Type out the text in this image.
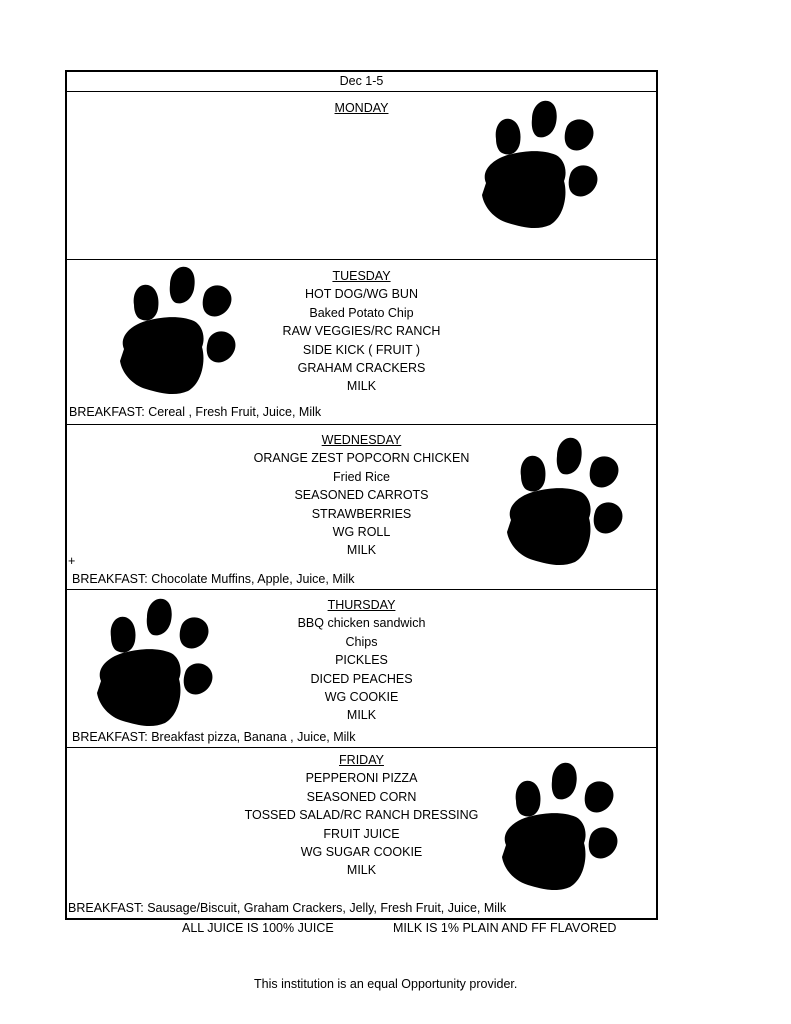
Dec 1-5
MONDAY
TUESDAY
HOT DOG/WG BUN
Baked Potato Chip
RAW VEGGIES/RC RANCH
SIDE KICK ( FRUIT )
GRAHAM CRACKERS
MILK
BREAKFAST: Cereal , Fresh Fruit, Juice, Milk
WEDNESDAY
ORANGE ZEST POPCORN CHICKEN
Fried Rice
SEASONED CARROTS
STRAWBERRIES
WG ROLL
MILK
+
BREAKFAST: Chocolate Muffins, Apple, Juice, Milk
THURSDAY
BBQ chicken sandwich
Chips
PICKLES
DICED PEACHES
WG COOKIE
MILK
BREAKFAST: Breakfast pizza, Banana , Juice, Milk
FRIDAY
PEPPERONI PIZZA
SEASONED CORN
TOSSED SALAD/RC RANCH DRESSING
FRUIT JUICE
WG SUGAR COOKIE
MILK
BREAKFAST: Sausage/Biscuit, Graham Crackers, Jelly, Fresh Fruit, Juice, Milk
ALL JUICE IS 100% JUICE	MILK IS 1% PLAIN AND FF FLAVORED
This institution is an equal Opportunity provider.
